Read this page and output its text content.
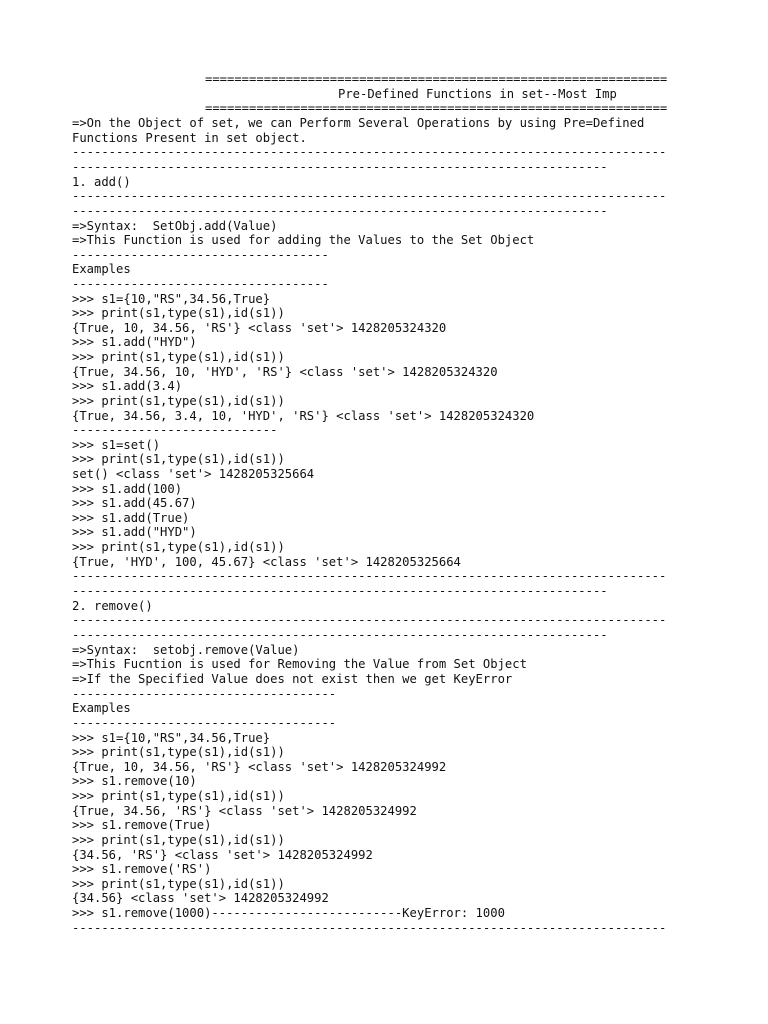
===============================================================
Pre-Defined Functions in set--Most Imp
===============================================================
=>On the Object of set, we can Perform Several Operations by using Pre=Defined
Functions Present in set object.
---------------------------------------------------------------------------------
-------------------------------------------------------------------------
1. add()
---------------------------------------------------------------------------------
-------------------------------------------------------------------------
=>Syntax:  SetObj.add(Value)
=>This Function is used for adding the Values to the Set Object
-----------------------------------
Examples
-----------------------------------
>>> s1={10,"RS",34.56,True}
>>> print(s1,type(s1),id(s1))
{True, 10, 34.56, 'RS'} <class 'set'> 1428205324320
>>> s1.add("HYD")
>>> print(s1,type(s1),id(s1))
{True, 34.56, 10, 'HYD', 'RS'} <class 'set'> 1428205324320
>>> s1.add(3.4)
>>> print(s1,type(s1),id(s1))
{True, 34.56, 3.4, 10, 'HYD', 'RS'} <class 'set'> 1428205324320
----------------------------
>>> s1=set()
>>> print(s1,type(s1),id(s1))
set() <class 'set'> 1428205325664
>>> s1.add(100)
>>> s1.add(45.67)
>>> s1.add(True)
>>> s1.add("HYD")
>>> print(s1,type(s1),id(s1))
{True, 'HYD', 100, 45.67} <class 'set'> 1428205325664
---------------------------------------------------------------------------------
-------------------------------------------------------------------------
2. remove()
---------------------------------------------------------------------------------
-------------------------------------------------------------------------
=>Syntax:  setobj.remove(Value)
=>This Fucntion is used for Removing the Value from Set Object
=>If the Specified Value does not exist then we get KeyError
------------------------------------
Examples
------------------------------------
>>> s1={10,"RS",34.56,True}
>>> print(s1,type(s1),id(s1))
{True, 10, 34.56, 'RS'} <class 'set'> 1428205324992
>>> s1.remove(10)
>>> print(s1,type(s1),id(s1))
{True, 34.56, 'RS'} <class 'set'> 1428205324992
>>> s1.remove(True)
>>> print(s1,type(s1),id(s1))
{34.56, 'RS'} <class 'set'> 1428205324992
>>> s1.remove('RS')
>>> print(s1,type(s1),id(s1))
{34.56} <class 'set'> 1428205324992
>>> s1.remove(1000)--------------------------KeyError: 1000
---------------------------------------------------------------------------------
